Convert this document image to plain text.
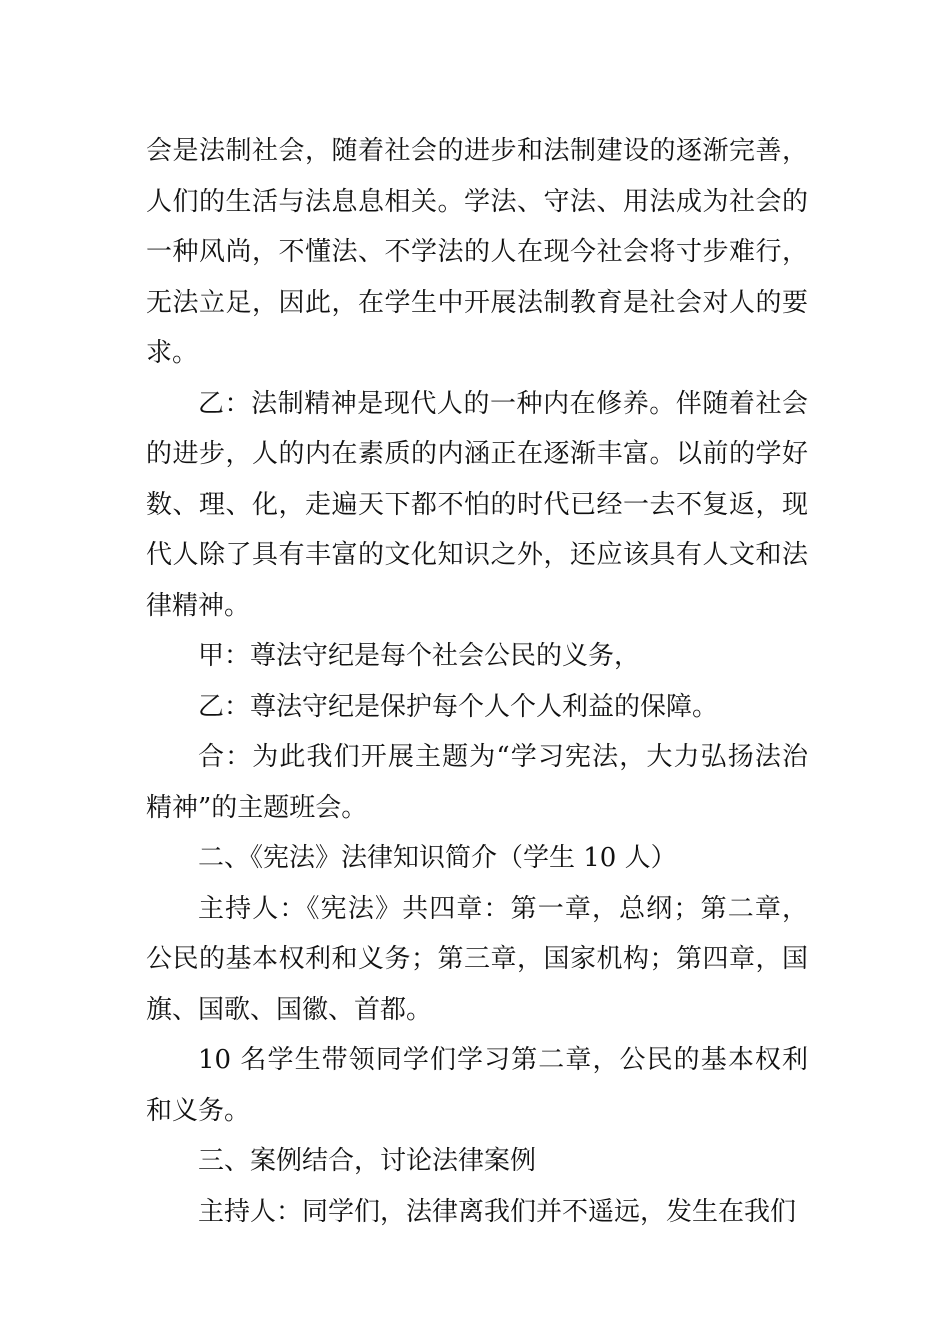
会是法制社会，随着社会的进步和法制建设的逐渐完善，人们的生活与法息息相关。学法、守法、用法成为社会的一种风尚，不懂法、不学法的人在现今社会将寸步难行，无法立足，因此，在学生中开展法制教育是社会对人的要求。

乙：法制精神是现代人的一种内在修养。伴随着社会的进步，人的内在素质的内涵正在逐渐丰富。以前的学好数、理、化，走遍天下都不怕的时代已经一去不复返，现代人除了具有丰富的文化知识之外，还应该具有人文和法律精神。

甲：尊法守纪是每个社会公民的义务，

乙：尊法守纪是保护每个人个人利益的保障。

合：为此我们开展主题为“学习宪法，大力弘扬法治精神”的主题班会。

二、《宪法》法律知识简介（学生 10 人）

主持人：《宪法》共四章：第一章，总纲；第二章，公民的基本权利和义务；第三章，国家机构；第四章，国旗、国歌、国徽、首都。

10 名学生带领同学们学习第二章，公民的基本权利和义务。

三、案例结合，讨论法律案例

主持人：同学们，法律离我们并不遥远，发生在我们
